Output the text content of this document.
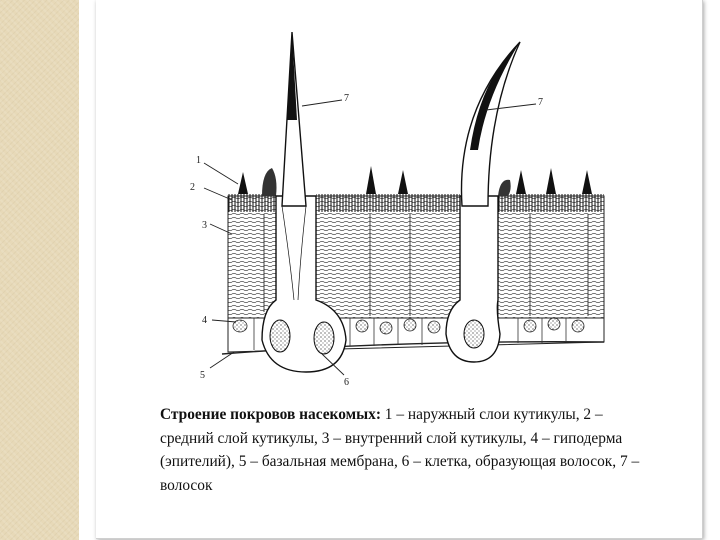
1
2
3
4
5
6
7	7
Строение покровов насекомых: 1 – наружный слои кутикулы, 2 – средний слой кутикулы, 3 – внутренний слой кутикулы, 4 – гиподерма (эпителий), 5 – базальная мембрана, 6 – клетка, образующая волосок, 7 – волосок
